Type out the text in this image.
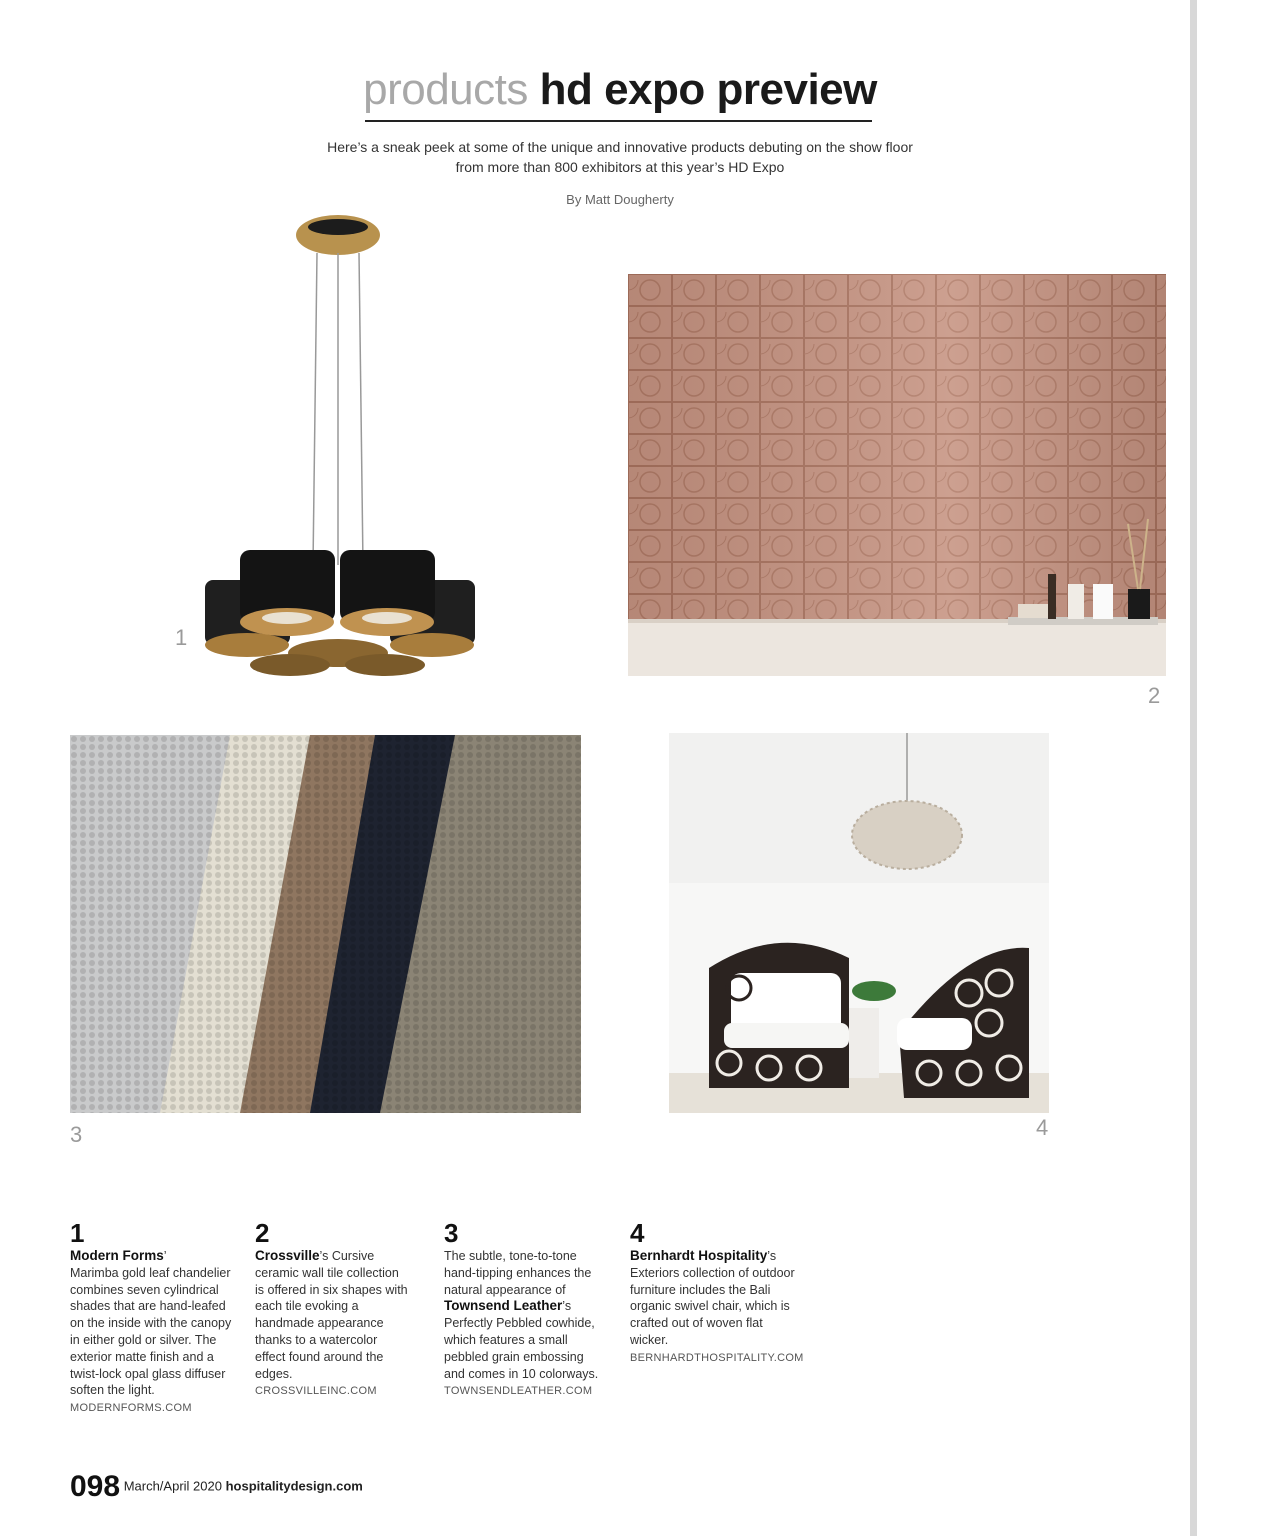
products hd expo preview
Here’s a sneak peek at some of the unique and innovative products debuting on the show floor from more than 800 exhibitors at this year’s HD Expo
By Matt Dougherty
1
2
3	4
1
Modern Forms’
Marimba gold leaf chandelier combines seven cylindrical shades that are hand-leafed on the inside with the canopy in either gold or silver. The exterior matte finish and a twist-lock opal glass diffuser soften the light.
MODERNFORMS.COM
2
Crossville’s Cursive ceramic wall tile collection is offered in six shapes with each tile evoking a handmade appearance thanks to a watercolor effect found around the edges.
CROSSVILLEINC.COM
3
The subtle, tone-to-tone hand-tipping enhances the natural appearance of Townsend Leather’s Perfectly Pebbled cowhide, which features a small pebbled grain embossing and comes in 10 colorways.
TOWNSENDLEATHER.COM
4
Bernhardt Hospitality’s Exteriors collection of outdoor furniture includes the Bali organic swivel chair, which is crafted out of woven flat wicker.
BERNHARDTHOSPITALITY.COM
098 March/April 2020 hospitalitydesign.com
